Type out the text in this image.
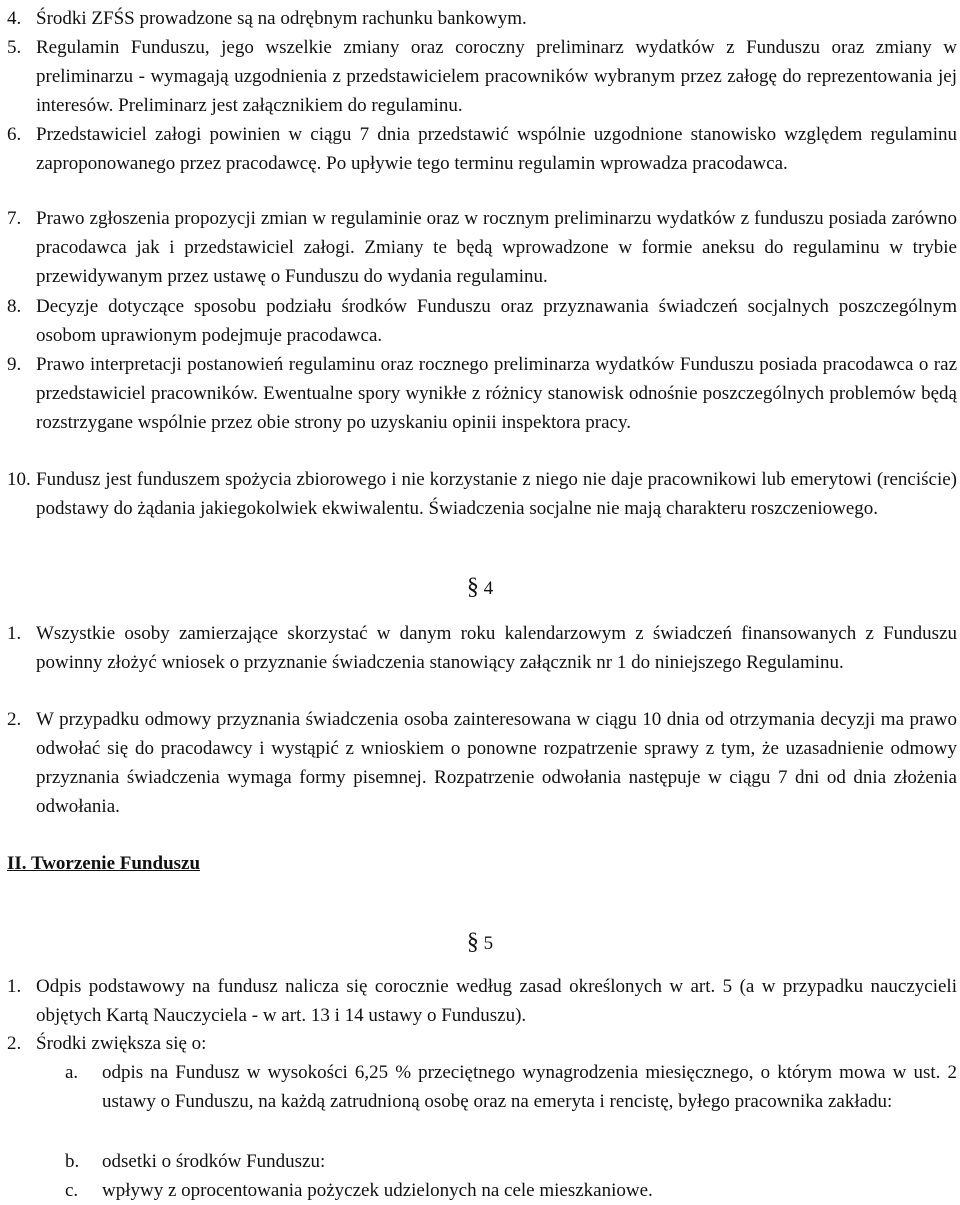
4. Środki ZFŚS prowadzone są na odrębnym rachunku bankowym.
5. Regulamin Funduszu, jego wszelkie zmiany oraz coroczny preliminarz wydatków z Funduszu oraz zmiany w preliminarzu - wymagają uzgodnienia z przedstawicielem pracowników wybranym przez załogę do reprezentowania jej interesów. Preliminarz jest załącznikiem do regulaminu.
6. Przedstawiciel załogi powinien w ciągu 7 dnia przedstawić wspólnie uzgodnione stanowisko względem regulaminu zaproponowanego przez pracodawcę. Po upływie tego terminu regulamin wprowadza pracodawca.
7. Prawo zgłoszenia propozycji zmian w regulaminie oraz w rocznym preliminarzu wydatków z funduszu posiada zarówno pracodawca jak i przedstawiciel załogi. Zmiany te będą wprowadzone w formie aneksu do regulaminu w trybie przewidywanym przez ustawę o Funduszu do wydania regulaminu.
8. Decyzje dotyczące sposobu podziału środków Funduszu oraz przyznawania świadczeń socjalnych poszczególnym osobom uprawionym podejmuje pracodawca.
9. Prawo interpretacji postanowień regulaminu oraz rocznego preliminarza wydatków Funduszu posiada pracodawca o raz przedstawiciel pracowników. Ewentualne spory wynikłe z różnicy stanowisk odnośnie poszczególnych problemów będą rozstrzygane wspólnie przez obie strony po uzyskaniu opinii inspektora pracy.
10. Fundusz jest funduszem spożycia zbiorowego i nie korzystanie z niego nie daje pracownikowi lub emerytowi (renciście) podstawy do żądania jakiegokolwiek ekwiwalentu. Świadczenia socjalne nie mają charakteru roszczeniowego.
§ 4
1. Wszystkie osoby zamierzające skorzystać w danym roku kalendarzowym z świadczeń finansowanych z Funduszu powinny złożyć wniosek o przyznanie świadczenia stanowiący załącznik nr 1 do niniejszego Regulaminu.
2. W przypadku odmowy przyznania świadczenia osoba zainteresowana w ciągu 10 dnia od otrzymania decyzji ma prawo odwołać się do pracodawcy i wystąpić z wnioskiem o ponowne rozpatrzenie sprawy z tym, że uzasadnienie odmowy przyznania świadczenia wymaga formy pisemnej. Rozpatrzenie odwołania następuje w ciągu 7 dni od dnia złożenia odwołania.
II. Tworzenie Funduszu
§ 5
1. Odpis podstawowy na fundusz nalicza się corocznie według zasad określonych w art. 5 (a w przypadku nauczycieli objętych Kartą Nauczyciela - w art. 13 i 14 ustawy o Funduszu).
2. Środki zwiększa się o:
a. odpis na Fundusz w wysokości 6,25 % przeciętnego wynagrodzenia miesięcznego, o którym mowa w ust. 2 ustawy o Funduszu, na każdą zatrudnioną osobę oraz na emeryta i rencistę, byłego pracownika zakładu:
b. odsetki o środków Funduszu:
c. wpływy z oprocentowania pożyczek udzielonych na cele mieszkaniowe.
